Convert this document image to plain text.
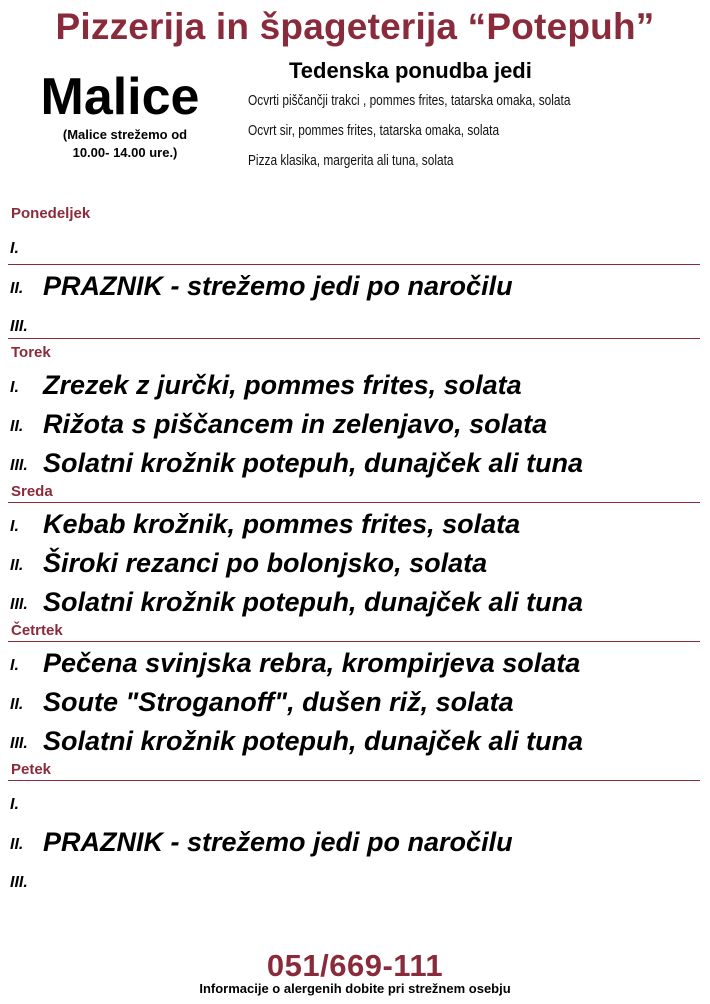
Pizzerija in špageterija “Potepuh”
Malice
(Malice strežemo od
10.00- 14.00 ure.)
Tedenska ponudba jedi
Ocvrti piščančji trakci , pommes frites, tatarska omaka, solata
Ocvrt sir, pommes frites, tatarska omaka, solata
Pizza klasika, margerita ali tuna, solata
Ponedeljek
I.
II. PRAZNIK - strežemo jedi po naročilu
III.
Torek
I. Zrezek z jurčki, pommes frites, solata
II. Rižota s piščancem in zelenjavo, solata
III. Solatni krožnik potepuh, dunajček ali tuna
Sreda
I. Kebab krožnik, pommes frites, solata
II. Široki rezanci po bolonjsko, solata
III. Solatni krožnik potepuh, dunajček ali tuna
Četrtek
I. Pečena svinjska rebra, krompirjeva solata
II. Soute "Stroganoff", dušen riž, solata
III. Solatni krožnik potepuh, dunajček ali tuna
Petek
I.
II. PRAZNIK - strežemo jedi po naročilu
III.
051/669-111
Informacije o alergenih dobite pri strežnem osebju
